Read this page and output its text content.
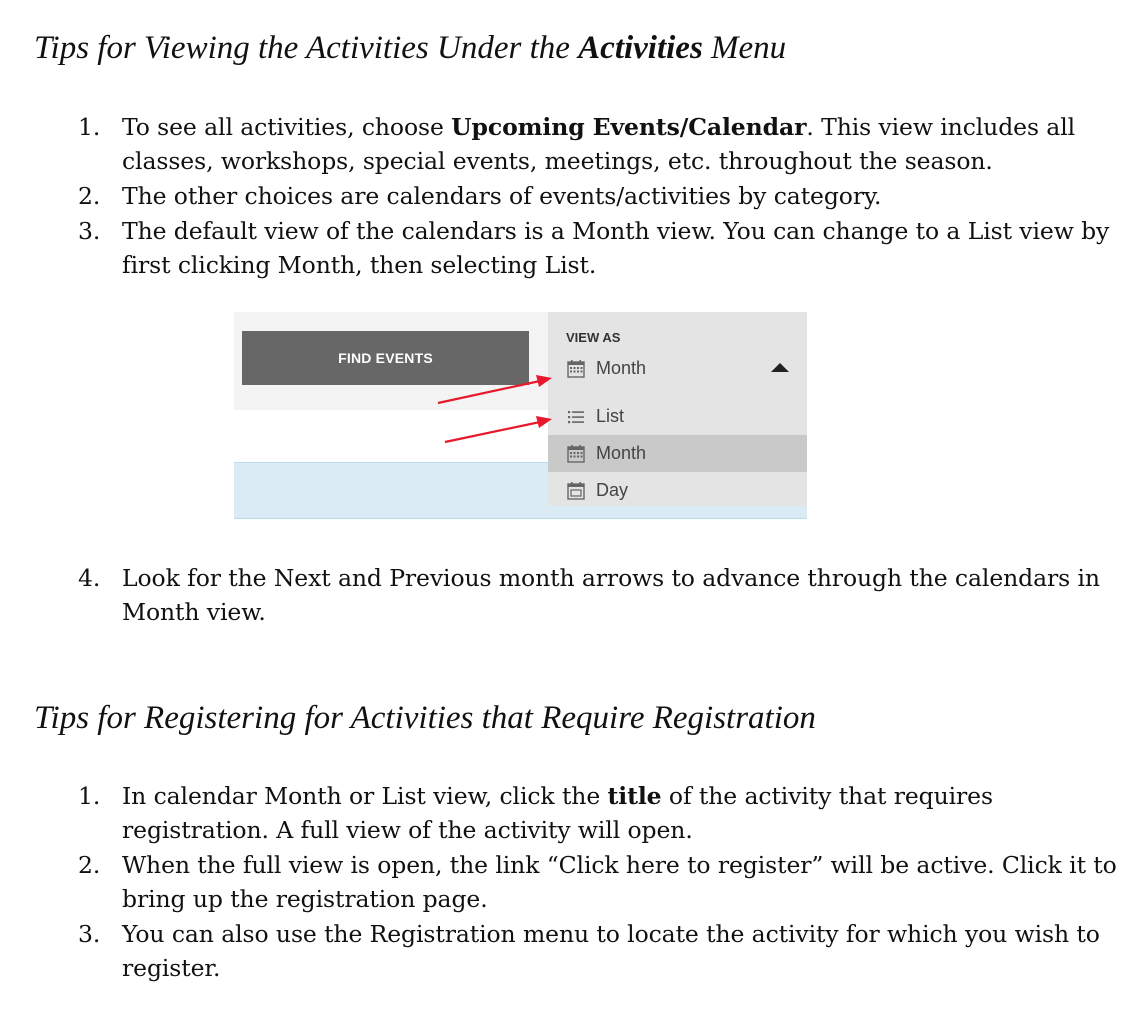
Tips for Viewing the Activities Under the Activities Menu
1. To see all activities, choose Upcoming Events/Calendar. This view includes all classes, workshops, special events, meetings, etc. throughout the season.
2. The other choices are calendars of events/activities by category.
3. The default view of the calendars is a Month view. You can change to a List view by first clicking Month, then selecting List.
FIND EVENTS
VIEW AS
Month
List
Month
Day
4. Look for the Next and Previous month arrows to advance through the calendars in Month view.
Tips for Registering for Activities that Require Registration
1. In calendar Month or List view, click the title of the activity that requires registration. A full view of the activity will open.
2. When the full view is open, the link “Click here to register” will be active. Click it to bring up the registration page.
3. You can also use the Registration menu to locate the activity for which you wish to register.
